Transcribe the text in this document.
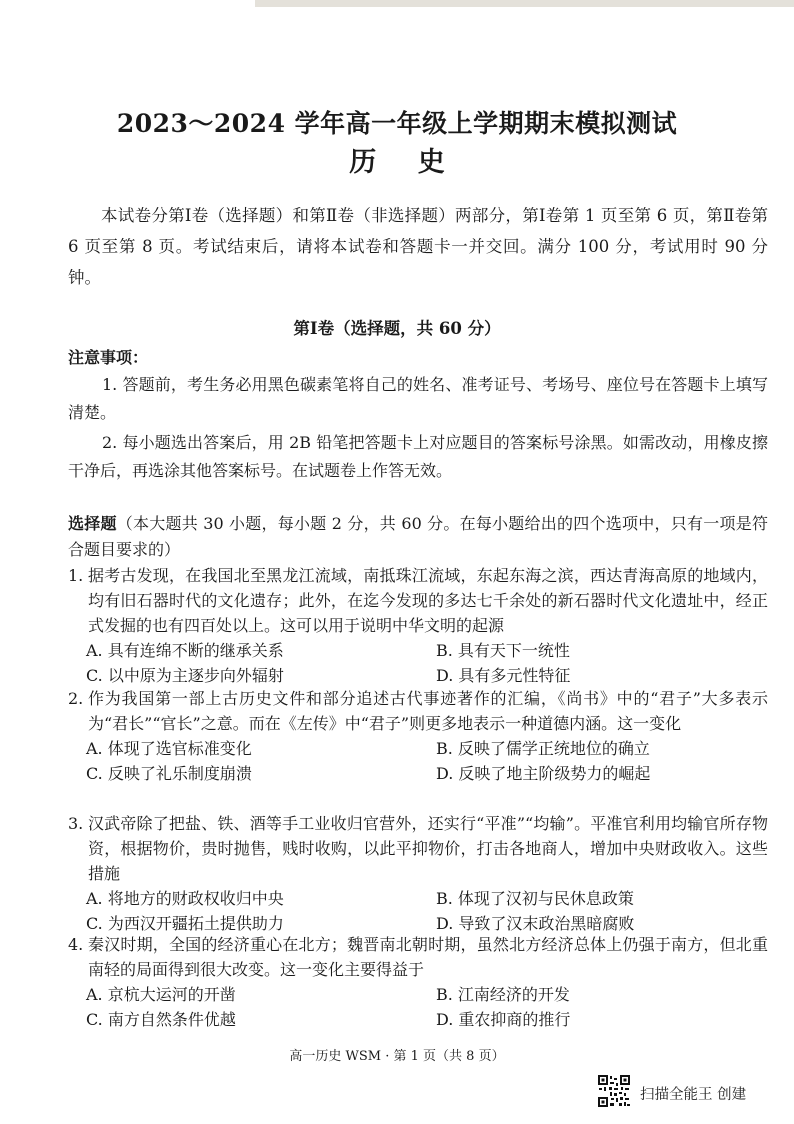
2023～2024 学年高一年级上学期期末模拟测试
历 史
本试卷分第Ⅰ卷（选择题）和第Ⅱ卷（非选择题）两部分，第Ⅰ卷第 1 页至第 6 页，第Ⅱ卷第 6 页至第 8 页。考试结束后，请将本试卷和答题卡一并交回。满分 100 分，考试用时 90 分钟。
第Ⅰ卷（选择题，共 60 分）
注意事项：
1. 答题前，考生务必用黑色碳素笔将自己的姓名、准考证号、考场号、座位号在答题卡上填写清楚。
2. 每小题选出答案后，用 2B 铅笔把答题卡上对应题目的答案标号涂黑。如需改动，用橡皮擦干净后，再选涂其他答案标号。在试题卷上作答无效。
选择题（本大题共 30 小题，每小题 2 分，共 60 分。在每小题给出的四个选项中，只有一项是符合题目要求的）
1. 据考古发现，在我国北至黑龙江流域，南抵珠江流域，东起东海之滨，西达青海高原的地域内，均有旧石器时代的文化遗存；此外，在迄今发现的多达七千余处的新石器时代文化遗址中，经正式发掘的也有四百处以上。这可以用于说明中华文明的起源
A. 具有连绵不断的继承关系	B. 具有天下一统性
C. 以中原为主逐步向外辐射	D. 具有多元性特征
2. 作为我国第一部上古历史文件和部分追述古代事迹著作的汇编，《尚书》中的“君子”大多表示为“君长”“官长”之意。而在《左传》中“君子”则更多地表示一种道德内涵。这一变化
A. 体现了选官标准变化	B. 反映了儒学正统地位的确立
C. 反映了礼乐制度崩溃	D. 反映了地主阶级势力的崛起
3. 汉武帝除了把盐、铁、酒等手工业收归官营外，还实行“平准”“均输”。平准官利用均输官所存物资，根据物价，贵时抛售，贱时收购，以此平抑物价，打击各地商人，增加中央财政收入。这些措施
A. 将地方的财政权收归中央	B. 体现了汉初与民休息政策
C. 为西汉开疆拓土提供助力	D. 导致了汉末政治黑暗腐败
4. 秦汉时期，全国的经济重心在北方；魏晋南北朝时期，虽然北方经济总体上仍强于南方，但北重南轻的局面得到很大改变。这一变化主要得益于
A. 京杭大运河的开凿	B. 江南经济的开发
C. 南方自然条件优越	D. 重农抑商的推行
高一历史 WSM · 第 1 页（共 8 页）
扫描全能王 创建
